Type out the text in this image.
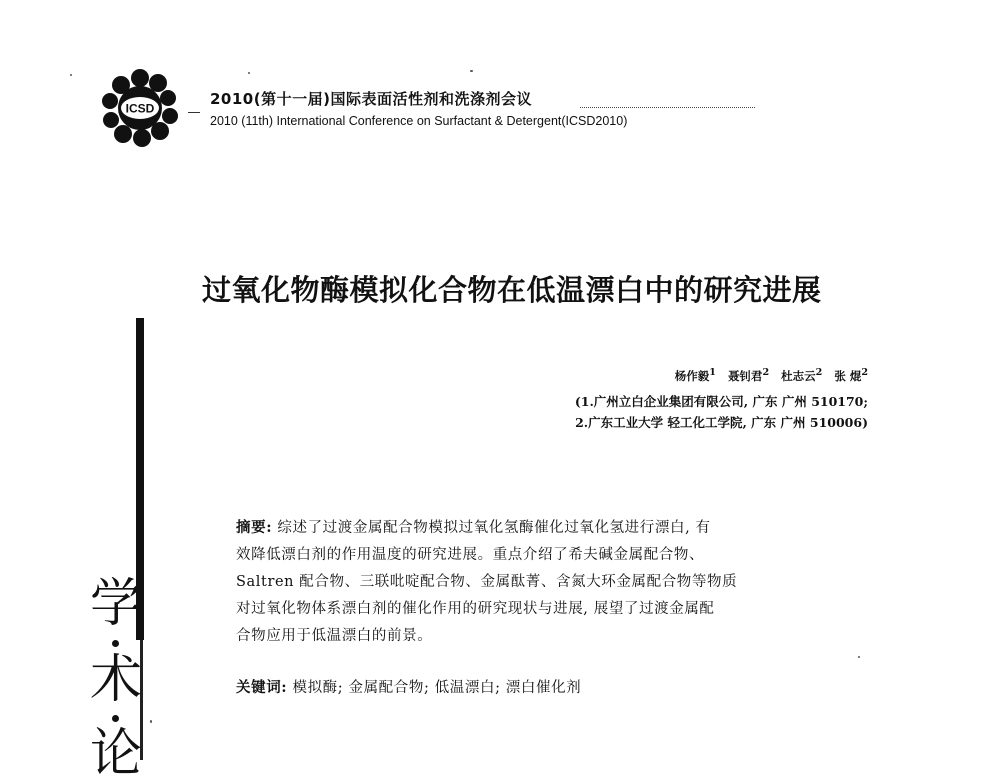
ICSD
2010(第十一届)国际表面活性剂和洗涤剂会议
2010 (11th) International Conference on Surfactant & Detergent(ICSD2010)
过氧化物酶模拟化合物在低温漂白中的研究进展
杨作毅$^1$ 聂钊君$^2$ 杜志云$^2$ 张 焜$^2$
(1.广州立白企业集团有限公司, 广东 广州 510170;
2.广东工业大学 轻工化工学院, 广东 广州 510006)
学
术
论
摘要: 综述了过渡金属配合物模拟过氧化氢酶催化过氧化氢进行漂白, 有
效降低漂白剂的作用温度的研究进展。重点介绍了希夫碱金属配合物、
Saltren 配合物、三联吡啶配合物、金属酞菁、含氮大环金属配合物等物质
对过氧化物体系漂白剂的催化作用的研究现状与进展, 展望了过渡金属配
合物应用于低温漂白的前景。
关键词: 模拟酶; 金属配合物; 低温漂白; 漂白催化剂
